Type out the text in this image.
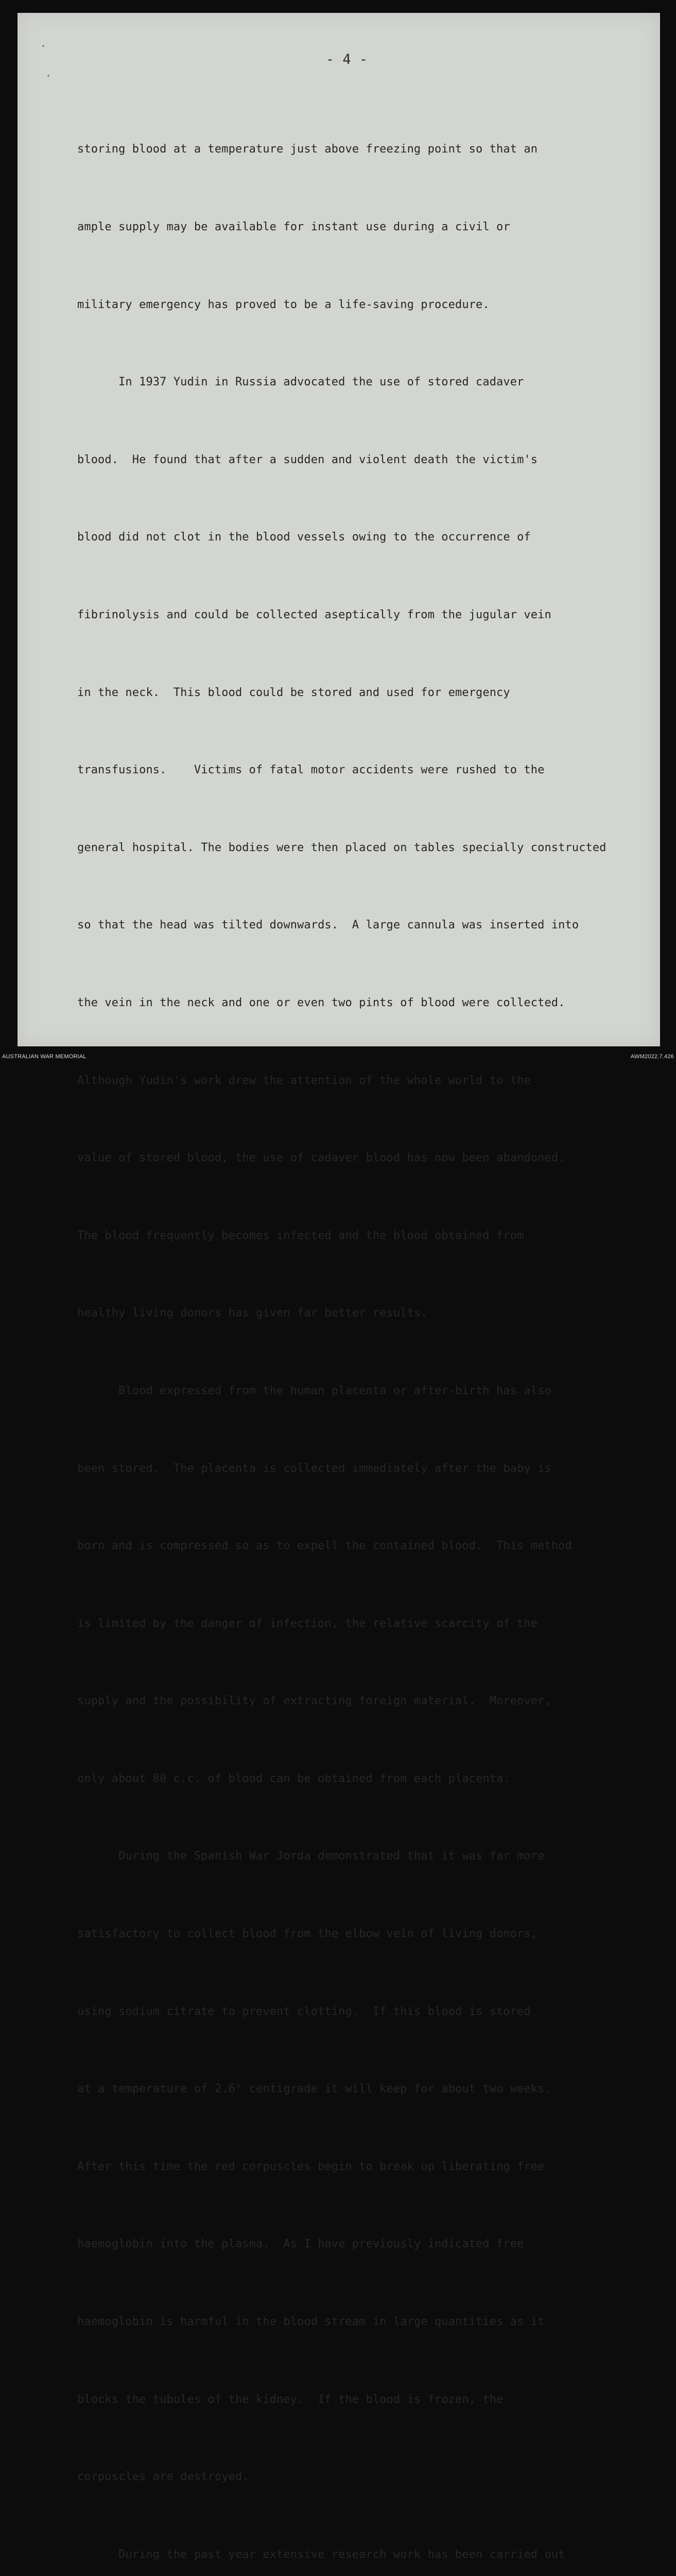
- 4 -

storing blood at a temperature just above freezing point so that an

ample supply may be available for instant use during a civil or

military emergency has proved to be a life-saving procedure.

In 1937 Yudin in Russia advocated the use of stored cadaver

blood.  He found that after a sudden and violent death the victim's

blood did not clot in the blood vessels owing to the occurrence of

fibrinolysis and could be collected aseptically from the jugular vein

in the neck.  This blood could be stored and used for emergency

transfusions.    Victims of fatal motor accidents were rushed to the

general hospital. The bodies were then placed on tables specially constructed

so that the head was tilted downwards.  A large cannula was inserted into

the vein in the neck and one or even two pints of blood were collected.

Although Yudin's work drew the attention of the whole world to the

value of stored blood, the use of cadaver blood has now been abandoned.

The blood frequently becomes infected and the blood obtained from

healthy living donors has given far better results.

Blood expressed from the human placenta or after-birth has also

been stored.  The placenta is collected immediately after the baby is

born and is compressed so as to expell the contained blood.  This method

is limited by the danger of infection, the relative scarcity of the

supply and the possibility of extracting foreign material.  Moreover,

only about 80 c.c. of blood can be obtained from each placenta.

During the Spanish War Jorda demonstrated that it was far more

satisfactory to collect blood from the elbow vein of living donors,

using sodium citrate to prevent clotting.  If this blood is stored

at a temperature of 2.6° centigrade it will keep for about two weeks.

After this time the red corpuscles begin to break up liberating free

haemoglobin into the plasma.  As I have previously indicated free

haemoglobin is harmful in the blood stream in large quantities as it

blocks the tubules of the kidney.  If the blood is frozen, the

corpuscles are destroyed.

During the past year extensive research work has been carried out

AUSTRALIAN WAR MEMORIAL	AWM2022.7.426
